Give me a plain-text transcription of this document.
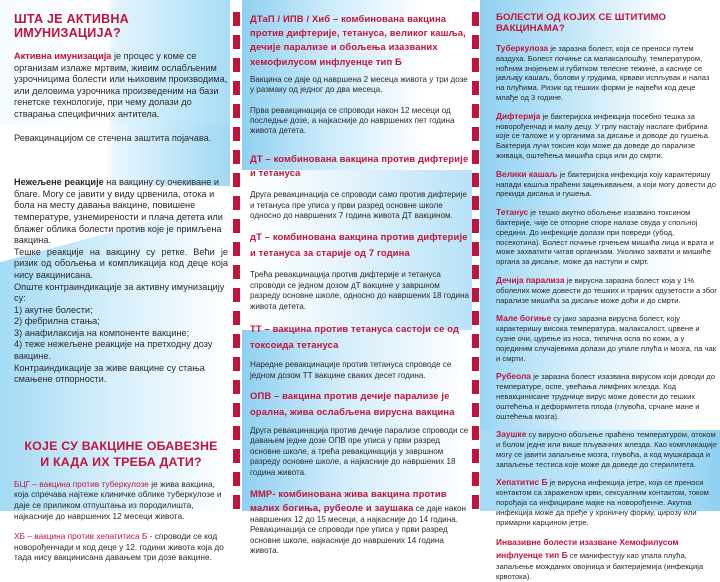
ШТА ЈЕ АКТИВНА ИМУНИЗАЦИЈА?

Активна имунизација је процес у коме се организам излаже мртвим, живим ослабљеним узрочницима болести или њиховим производима, или деловима узрочника произведеним на бази генетске технологије, при чему долази до стварања специфичних антитела.

Ревакцинацијом се стечена заштита појачава.

Нежељене реакције на вакцину су очекиване и благе. Могу се јавити у виду црвенила, отока и бола на месту давања вакцине, повишене температуре, узнемирености и плача детета или блажег облика болести против које је примљена вакцина.

Тешке реакције на вакцину су ретке. Већи је ризик од обољења и компликација код деце која нису вакцинисана.

Опште контраиндикације за активну имунизацију су:

1) акутне болести;

2) фебрилна стања;

3) анафилаксија на компоненте вакцине;

4) теже нежељене реакције на претходну дозу вакцине.

Контраиндикације за живе вакцине су стања смањене отпорности.

КОЈЕ СУ ВАКЦИНЕ ОБАВЕЗНЕ
И КАДА ИХ ТРЕБА ДАТИ?

БЦГ – вакцина против туберкулозе је жива вакцина, која спречава најтеже клиничке облике туберкулозе и даје се приликом отпуштања из породилишта, најкасније до навршених 12 месеци живота.

ХБ – вакцина против хепатитиса Б - спроводи се код новорођенчади и код деце у 12. години живота која до тада нису вакцинисана давањем три дозе вакцине.

ДТаП / ИПВ / Хиб – комбинована вакцина против дифтерије, тетануса, великог кашља, дечије парализе и обољења изазваних хемофилусом инфлуенце тип Б

Вакцина се даје од навршена 2 месеца живота у три дозе у размаку од једног до два месеца.

Прва ревакцинација се спроводи након 12 месеци од последње дозе, а најкасније до навршених пет година живота детета.

ДТ – комбинована вакцина против дифтерије и тетануса

Друга ревакцинација се спроводи само против дифтерије и тетануса пре уписа у први разред основне школе односно до навршених 7 година живота ДТ вакцином.

дТ – комбинована вакцина против дифтерије и тетануса за старије од 7 година

Трећа ревакцинација против дифтерије и тетануса спроводи се једном дозом дТ вакцине у завршном разреду основне школе, односно до навршених 18 година живота детета.

ТТ – вакцина против тетануса састоји се од токсоида тетануса

Наредне ревакцинације против тетануса спроводе се једном дозом ТТ вакцине сваких десет година.

ОПВ – вакцина против дечије парализе је орална, жива ослабљена вирусна вакцина

Друга ревакцинација против дечије парализе спроводи се давањем једне дозе ОПВ пре уписа у први разред основне школе, а трећа ревакцинација у завршном разреду основне школе, а најкасније до навршених 18 година живота.

ММР- комбинована жива вакцина против малих богиња, рубеоле и заушака се даје након навршених 12 до 15 месеци, а најкасније до 14 година. Ревакцинација се спроводи пре уписа у први разред основне школе, најкасније до навршених 14 година живота.

БОЛЕСТИ ОД КОЈИХ СЕ ШТИТИМО ВАКЦИНАМА?

Туберкулоза је заразна болест, која се преноси путем ваздуха. Болест почиње са малаксалошћу, температуром, ноћним знојењем и губитком телесне тежине, а касније се јављају кашаљ, болови у грудима, крвави испљувак и налаз на плућима. Ризик од тешких форми је највећи код деце млађе од 3 године.

Дифтерија је бактеријска инфекција посебно тешка за новорођенчад и малу децу. У грлу настају наслаге фибрина које се таложе и у органима за дисање и доводе до гушења. Бактерија лучи токсин који може да доведе до парализе живаца, оштећења мишића срца или до смрти.

Велики кашаљ је бактеријска инфекција коју карактеришу напади кашља праћени зацењивањем, а који могу довести до прекида дисања и гушења.

Тетанус је тешко акутно обољење изазвано токсином бактерије, чије се отпорне споре налазе свуда у спољној средини. До инфекције долази при повреди (убод, посекотина). Болест почиње грчењем мишића лица и врата и може захватити читав организам. Уколико захвати и мишиће органа за дисање, може да наступи и смрт.

Дечија парализа је вирусна заразна болест која у 1% оболелих може довести до тешких и трајних одузетости а због парализе мишића за дисање може доћи и до смрти.

Мале богиње су јако заразна вирусна болест, коју карактеришу висока температура, малаксалост, црвене и сузне очи, цурење из носа, типична оспа по кожи, а у појединим случајевима долази до упале плућа и мозга, па чак и смрти.

Рубеола је заразна болест изазвана вирусом који доводи до температуре, оспе, увећања лимфних жлезда. Код невакцинисане труднице вирус може довести до тешких оштећења и деформитета плода (глувоћа, срчане мане и оштећења мозга).

Заушке су вирусно обољење праћено температуром, отоком и болом једне или више пљувачних жлезда. Као компликације могу се јавити запаљење мозга, глувоћа, а код мушкараца и запаљење тестиса које може да доведе до стерилитета.

Хепатитис Б је вирусна инфекција јетре, која се преноси контактом са зараженом крви, сексуалним контактом, током порођаја са инфициране мајке на новорођенче. Акутна инфекција може да пређе у хроничну форму, цирозу или примарни карцином јетре.

Инвазивне болести изазване Хемофилусом инфлуенце тип Б се манифестују као упала плућа, запаљење можданих овојница и бактеријемија (инфекција крвотока).
